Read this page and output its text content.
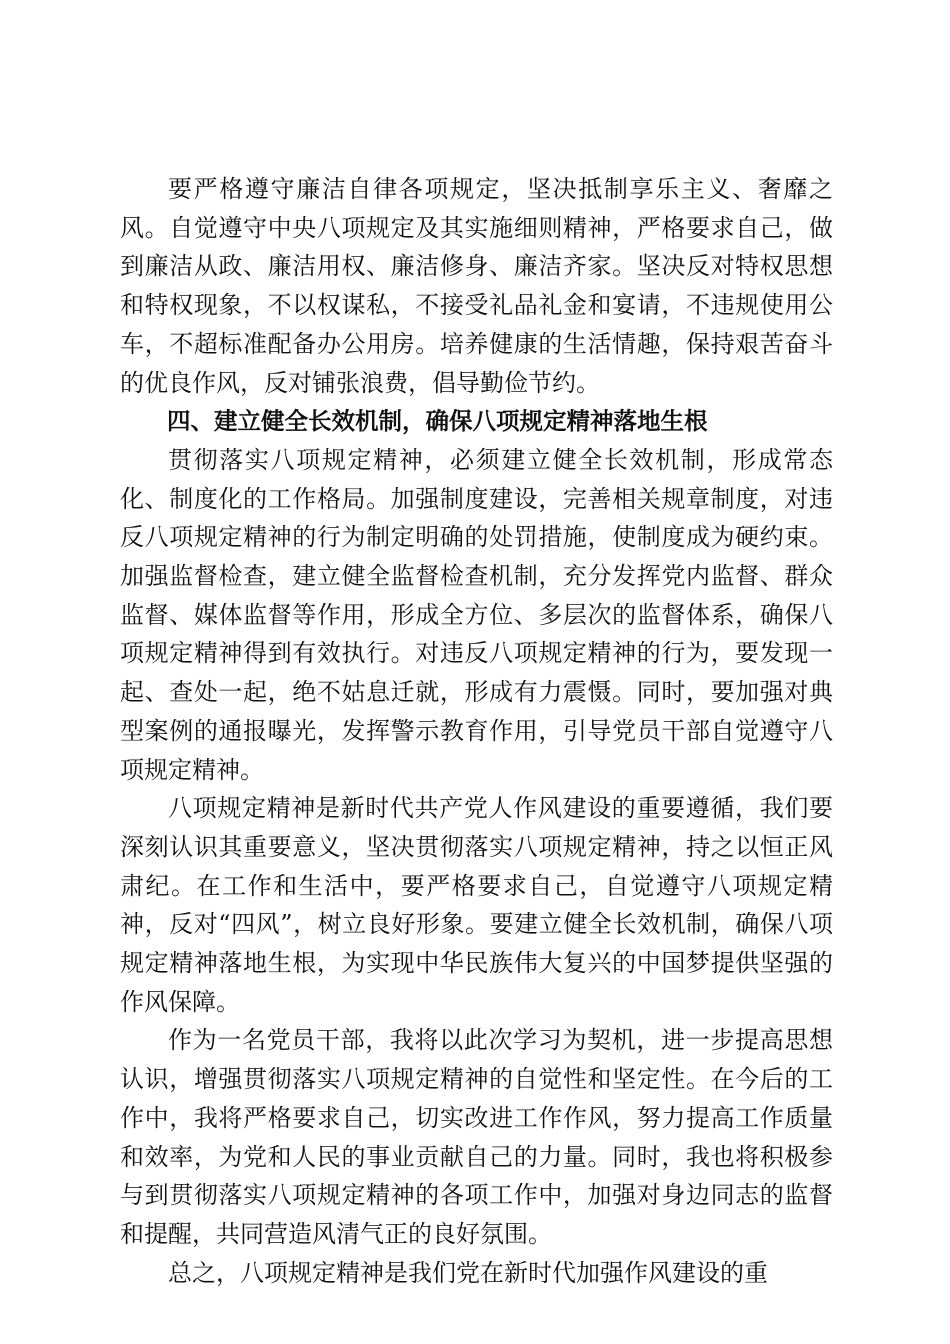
要严格遵守廉洁自律各项规定，坚决抵制享乐主义、奢靡之风。自觉遵守中央八项规定及其实施细则精神，严格要求自己，做到廉洁从政、廉洁用权、廉洁修身、廉洁齐家。坚决反对特权思想和特权现象，不以权谋私，不接受礼品礼金和宴请，不违规使用公车，不超标准配备办公用房。培养健康的生活情趣，保持艰苦奋斗的优良作风，反对铺张浪费，倡导勤俭节约。

四、建立健全长效机制，确保八项规定精神落地生根

贯彻落实八项规定精神，必须建立健全长效机制，形成常态化、制度化的工作格局。加强制度建设，完善相关规章制度，对违反八项规定精神的行为制定明确的处罚措施，使制度成为硬约束。加强监督检查，建立健全监督检查机制，充分发挥党内监督、群众监督、媒体监督等作用，形成全方位、多层次的监督体系，确保八项规定精神得到有效执行。对违反八项规定精神的行为，要发现一起、查处一起，绝不姑息迁就，形成有力震慑。同时，要加强对典型案例的通报曝光，发挥警示教育作用，引导党员干部自觉遵守八项规定精神。

八项规定精神是新时代共产党人作风建设的重要遵循，我们要深刻认识其重要意义，坚决贯彻落实八项规定精神，持之以恒正风肃纪。在工作和生活中，要严格要求自己，自觉遵守八项规定精神，反对“四风”，树立良好形象。要建立健全长效机制，确保八项规定精神落地生根，为实现中华民族伟大复兴的中国梦提供坚强的作风保障。

作为一名党员干部，我将以此次学习为契机，进一步提高思想认识，增强贯彻落实八项规定精神的自觉性和坚定性。在今后的工作中，我将严格要求自己，切实改进工作作风，努力提高工作质量和效率，为党和人民的事业贡献自己的力量。同时，我也将积极参与到贯彻落实八项规定精神的各项工作中，加强对身边同志的监督和提醒，共同营造风清气正的良好氛围。

总之，八项规定精神是我们党在新时代加强作风建设的重
